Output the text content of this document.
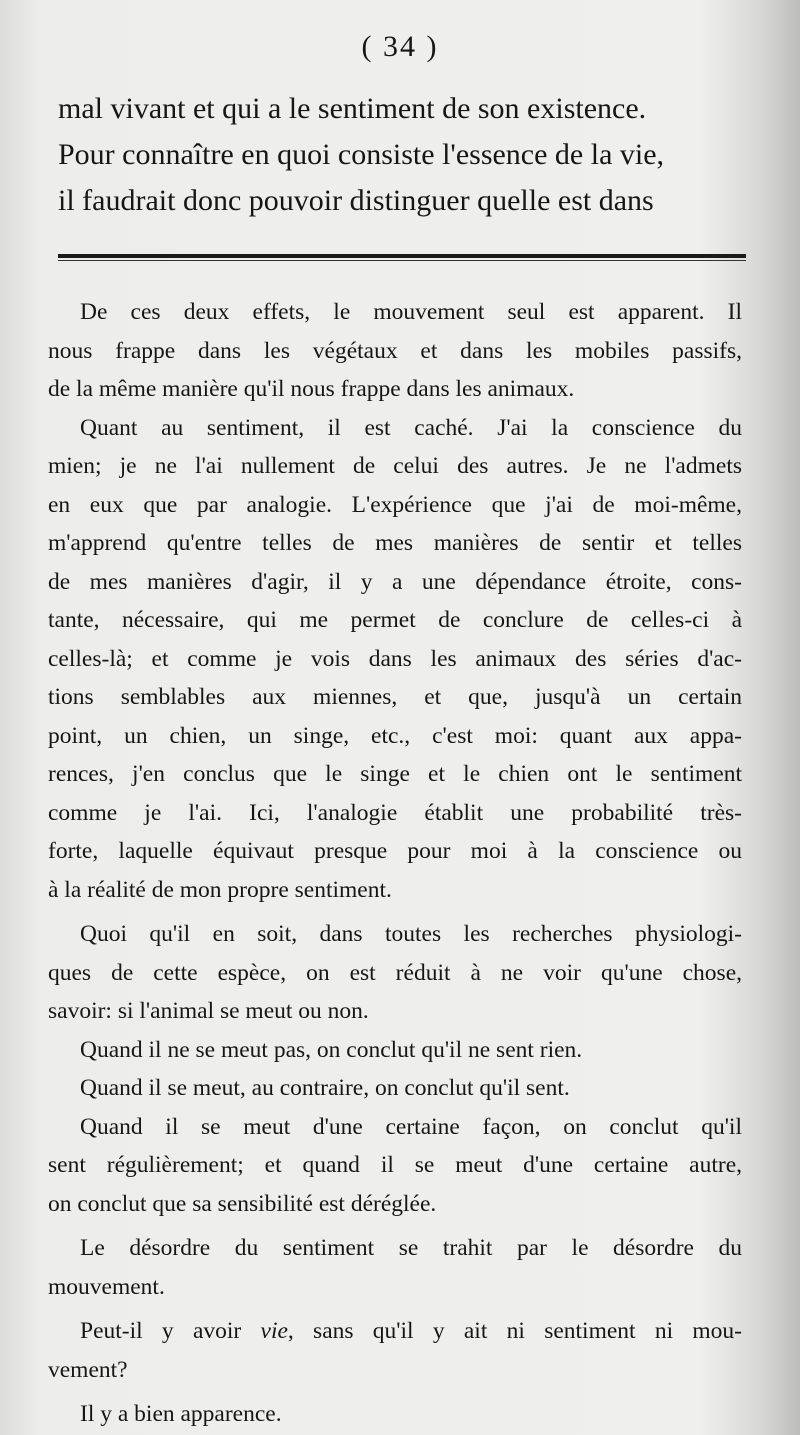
( 34 )
mal vivant et qui a le sentiment de son existence.
Pour connaître en quoi consiste l'essence de la vie,
il faudrait donc pouvoir distinguer quelle est dans
De ces deux effets, le mouvement seul est apparent. Il
nous frappe dans les végétaux et dans les mobiles passifs,
de la même manière qu'il nous frappe dans les animaux.
Quant au sentiment, il est caché. J'ai la conscience du
mien; je ne l'ai nullement de celui des autres. Je ne l'admets
en eux que par analogie. L'expérience que j'ai de moi-même,
m'apprend qu'entre telles de mes manières de sentir et telles
de mes manières d'agir, il y a une dépendance étroite, cons-
tante, nécessaire, qui me permet de conclure de celles-ci à
celles-là; et comme je vois dans les animaux des séries d'ac-
tions semblables aux miennes, et que, jusqu'à un certain
point, un chien, un singe, etc., c'est moi: quant aux appa-
rences, j'en conclus que le singe et le chien ont le sentiment
comme je l'ai. Ici, l'analogie établit une probabilité très-
forte, laquelle équivaut presque pour moi à la conscience ou
à la réalité de mon propre sentiment.
Quoi qu'il en soit, dans toutes les recherches physiologi-
ques de cette espèce, on est réduit à ne voir qu'une chose,
savoir: si l'animal se meut ou non.
Quand il ne se meut pas, on conclut qu'il ne sent rien.
Quand il se meut, au contraire, on conclut qu'il sent.
Quand il se meut d'une certaine façon, on conclut qu'il
sent régulièrement; et quand il se meut d'une certaine autre,
on conclut que sa sensibilité est déréglée.
Le désordre du sentiment se trahit par le désordre du
mouvement.
Peut-il y avoir vie, sans qu'il y ait ni sentiment ni mou-
vement?
Il y a bien apparence.
